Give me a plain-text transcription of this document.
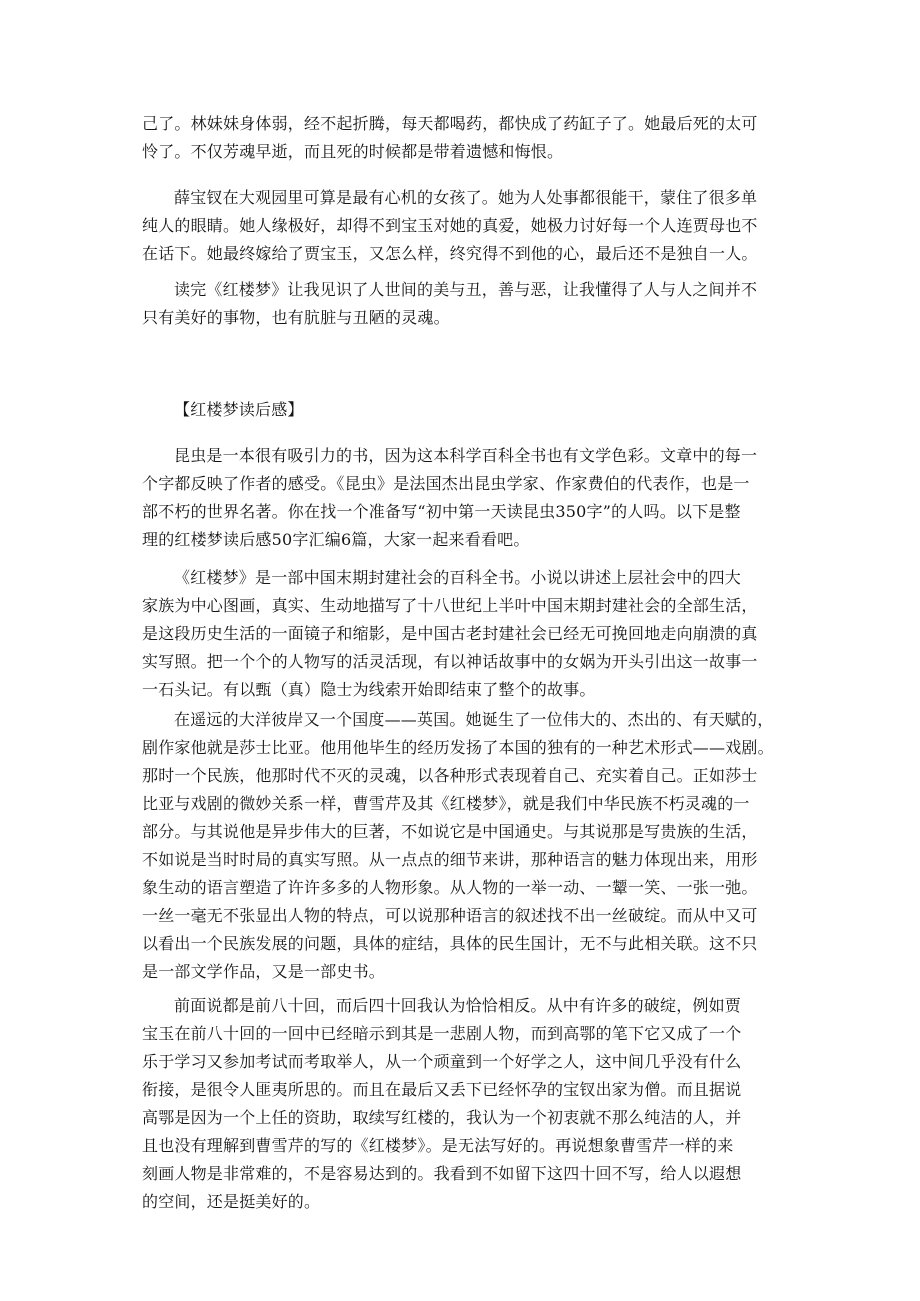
己了。林妹妹身体弱，经不起折腾，每天都喝药，都快成了药缸子了。她最后死的太可
怜了。不仅芳魂早逝，而且死的时候都是带着遗憾和悔恨。
薛宝钗在大观园里可算是最有心机的女孩了。她为人处事都很能干，蒙住了很多单
纯人的眼睛。她人缘极好，却得不到宝玉对她的真爱，她极力讨好每一个人连贾母也不
在话下。她最终嫁给了贾宝玉，又怎么样，终究得不到他的心，最后还不是独自一人。
读完《红楼梦》让我见识了人世间的美与丑，善与恶，让我懂得了人与人之间并不
只有美好的事物，也有肮脏与丑陋的灵魂。
【红楼梦读后感】
昆虫是一本很有吸引力的书，因为这本科学百科全书也有文学色彩。文章中的每一
个字都反映了作者的感受。《昆虫》是法国杰出昆虫学家、作家费伯的代表作，也是一
部不朽的世界名著。你在找一个准备写“初中第一天读昆虫350字”的人吗。以下是整
理的红楼梦读后感50字汇编6篇，大家一起来看看吧。
《红楼梦》是一部中国末期封建社会的百科全书。小说以讲述上层社会中的四大
家族为中心图画，真实、生动地描写了十八世纪上半叶中国末期封建社会的全部生活，
是这段历史生活的一面镜子和缩影，是中国古老封建社会已经无可挽回地走向崩溃的真
实写照。把一个个的人物写的活灵活现，有以神话故事中的女娲为开头引出这一故事一
一石头记。有以甄（真）隐士为线索开始即结束了整个的故事。
在遥远的大洋彼岸又一个国度——英国。她诞生了一位伟大的、杰出的、有天赋的，
剧作家他就是莎士比亚。他用他毕生的经历发扬了本国的独有的一种艺术形式——戏剧。
那时一个民族，他那时代不灭的灵魂，以各种形式表现着自己、充实着自己。正如莎士
比亚与戏剧的微妙关系一样，曹雪芹及其《红楼梦》，就是我们中华民族不朽灵魂的一
部分。与其说他是异步伟大的巨著，不如说它是中国通史。与其说那是写贵族的生活，
不如说是当时时局的真实写照。从一点点的细节来讲，那种语言的魅力体现出来，用形
象生动的语言塑造了许许多多的人物形象。从人物的一举一动、一颦一笑、一张一弛。
一丝一毫无不张显出人物的特点，可以说那种语言的叙述找不出一丝破绽。而从中又可
以看出一个民族发展的问题，具体的症结，具体的民生国计，无不与此相关联。这不只
是一部文学作品，又是一部史书。
前面说都是前八十回，而后四十回我认为恰恰相反。从中有许多的破绽，例如贾
宝玉在前八十回的一回中已经暗示到其是一悲剧人物，而到高鄂的笔下它又成了一个
乐于学习又参加考试而考取举人，从一个顽童到一个好学之人，这中间几乎没有什么
衔接，是很令人匪夷所思的。而且在最后又丢下已经怀孕的宝钗出家为僧。而且据说
高鄂是因为一个上任的资助，取续写红楼的，我认为一个初衷就不那么纯洁的人，并
且也没有理解到曹雪芹的写的《红楼梦》。是无法写好的。再说想象曹雪芹一样的来
刻画人物是非常难的，不是容易达到的。我看到不如留下这四十回不写，给人以遐想
的空间，还是挺美好的。
